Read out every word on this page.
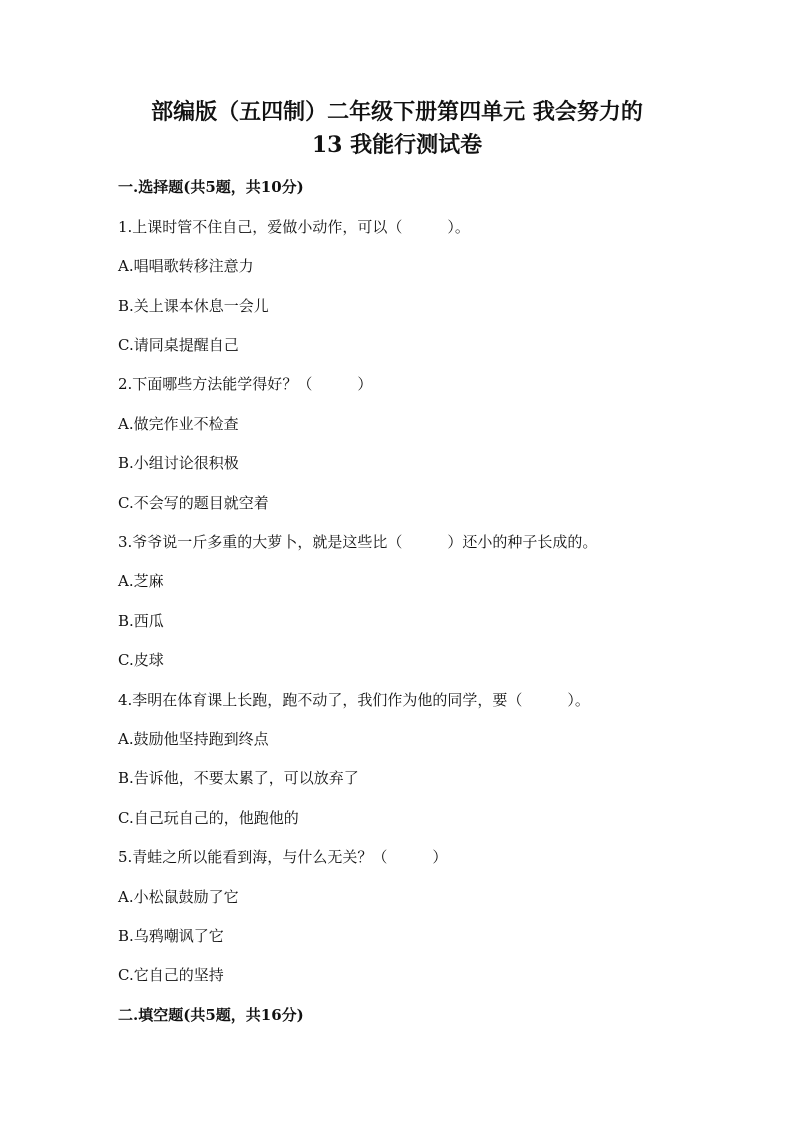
部编版（五四制）二年级下册第四单元 我会努力的
13 我能行测试卷
一.选择题(共5题，共10分)
1.上课时管不住自己，爱做小动作，可以（　　　）。
A.唱唱歌转移注意力
B.关上课本休息一会儿
C.请同桌提醒自己
2.下面哪些方法能学得好？（　　　）
A.做完作业不检查
B.小组讨论很积极
C.不会写的题目就空着
3.爷爷说一斤多重的大萝卜，就是这些比（　　　）还小的种子长成的。
A.芝麻
B.西瓜
C.皮球
4.李明在体育课上长跑，跑不动了，我们作为他的同学，要（　　　）。
A.鼓励他坚持跑到终点
B.告诉他，不要太累了，可以放弃了
C.自己玩自己的，他跑他的
5.青蛙之所以能看到海，与什么无关？（　　　）
A.小松鼠鼓励了它
B.乌鸦嘲讽了它
C.它自己的坚持
二.填空题(共5题，共16分)
